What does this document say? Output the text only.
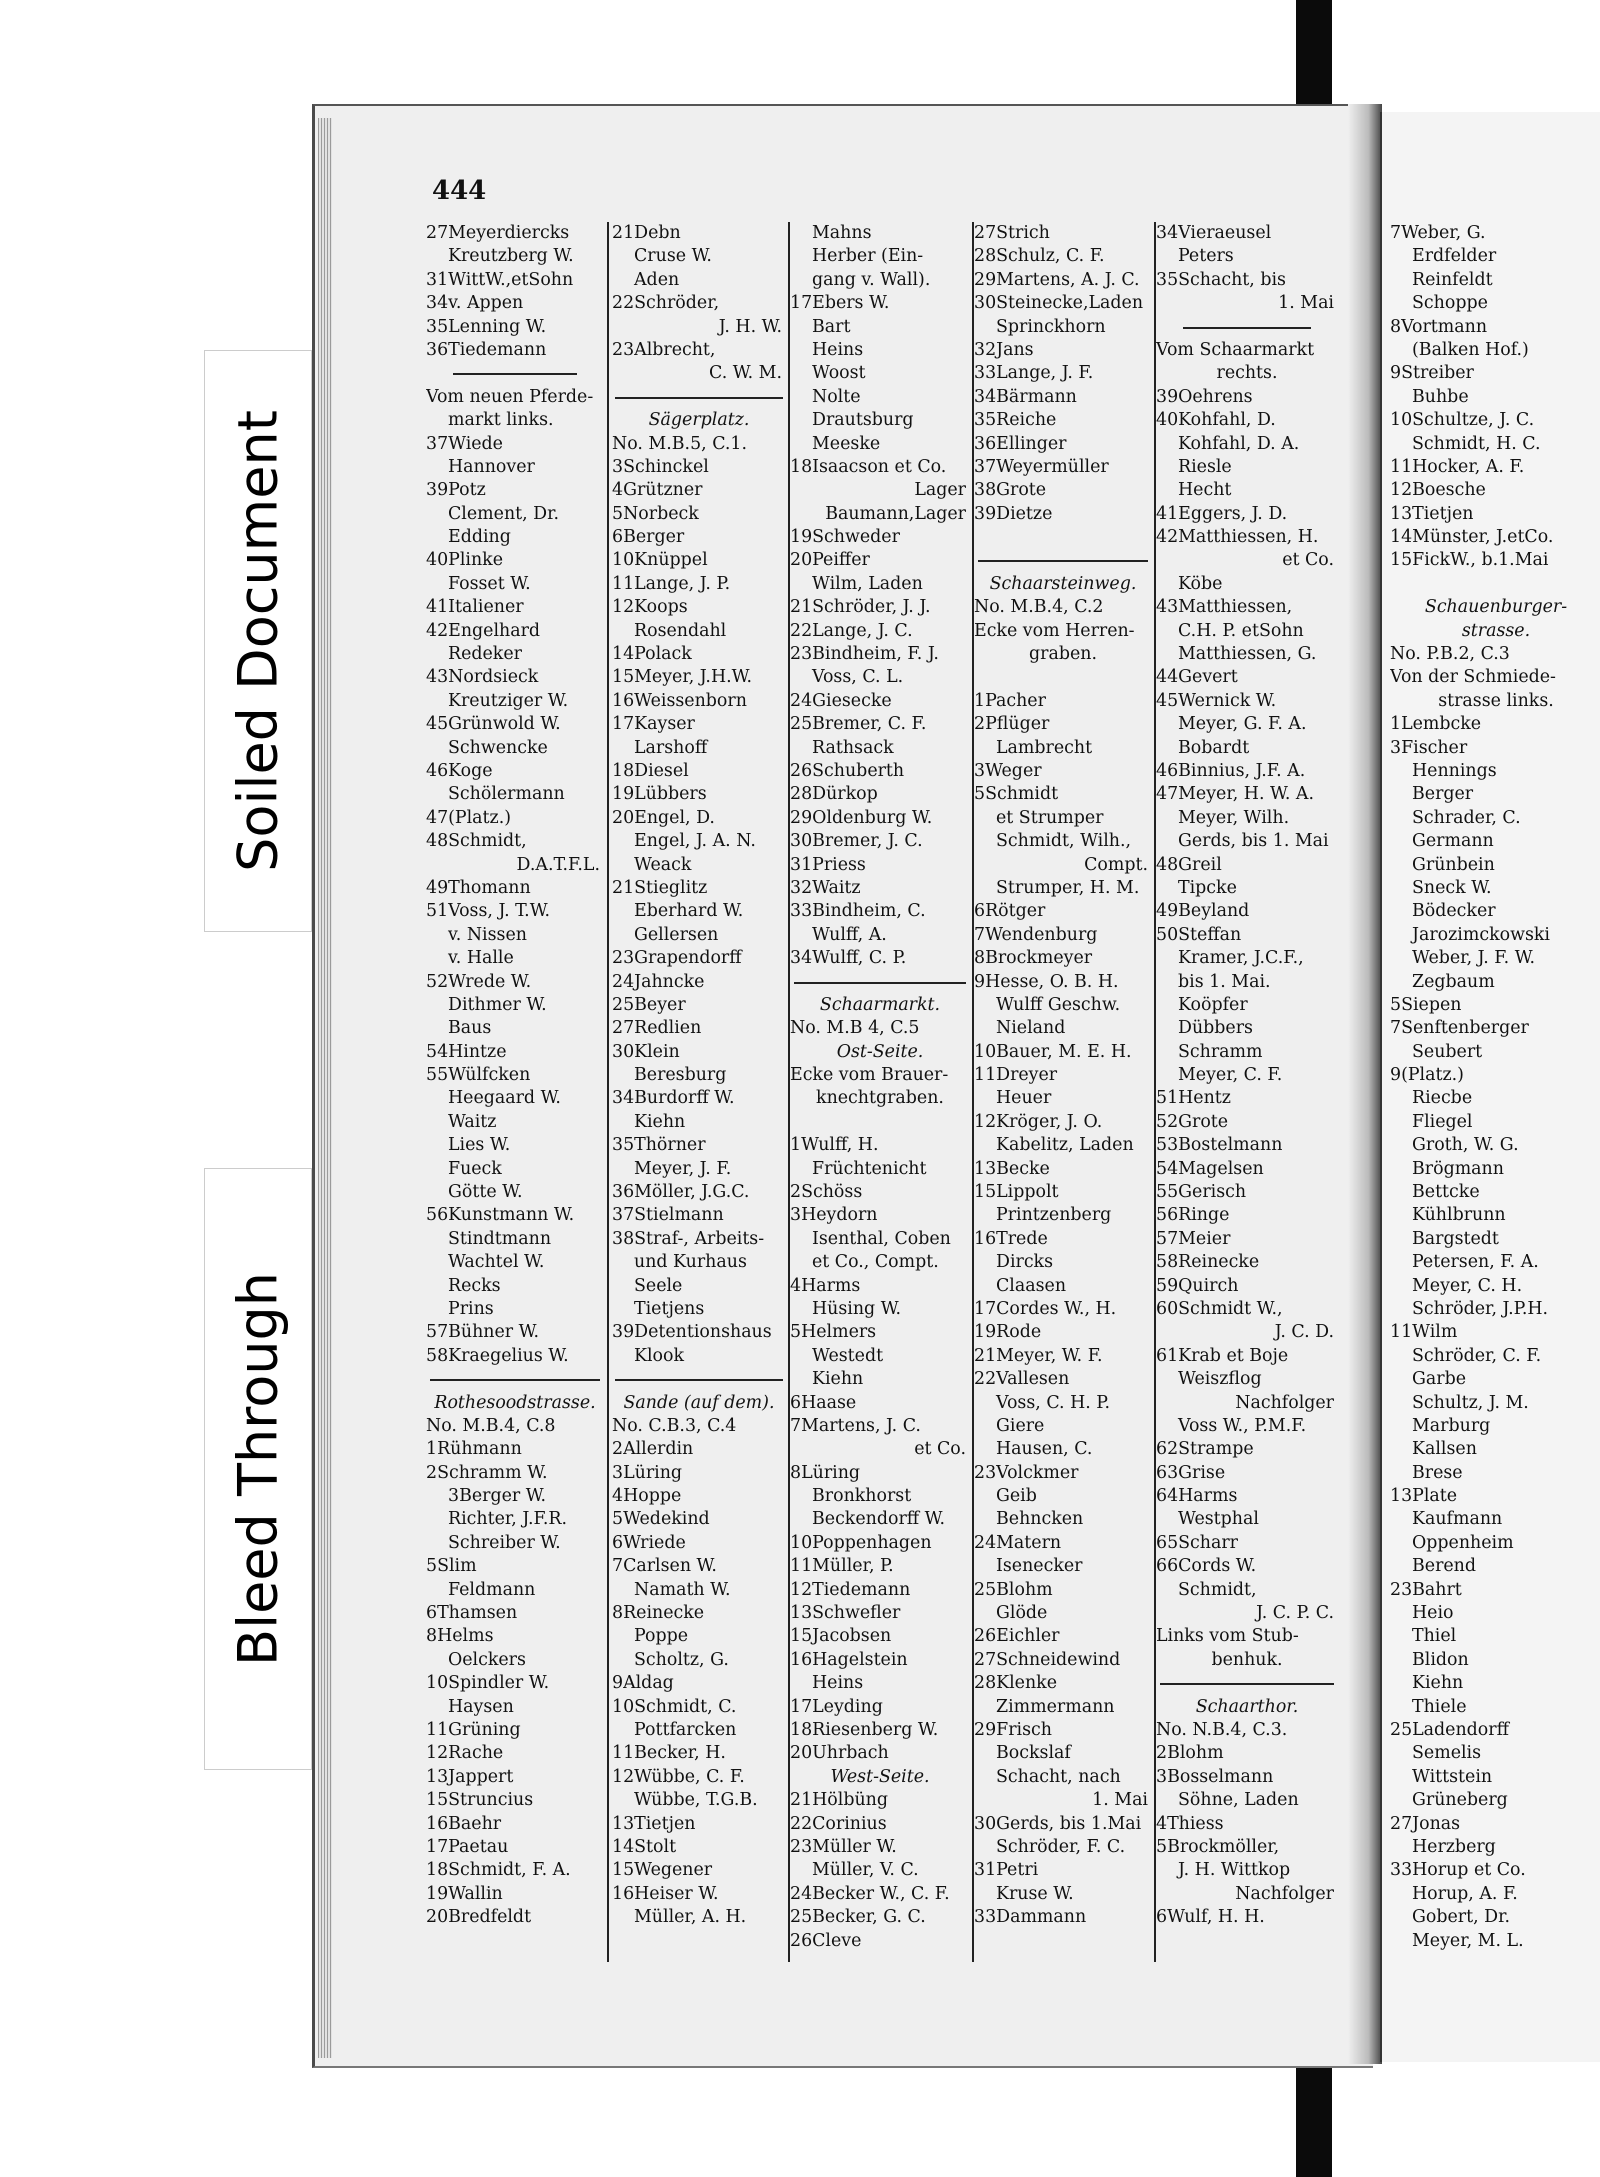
7Weber, G.
Erdfelder
Reinfeldt
Schoppe
8Vortmann
(Balken Hof.)
9Streiber
Buhbe
10Schultze, J. C.
Schmidt, H. C.
11Hocker, A. F.
12Boesche
13Tietjen
14Münster, J.etCo.
15FickW., b.1.Mai
Schauenburger-
strasse.
No. P.B.2, C.3
Von der Schmiede-
strasse links.
1Lembcke
3Fischer
Hennings
Berger
Schrader, C.
Germann
Grünbein
Sneck W.
Bödecker
Jarozimckowski
Weber, J. F. W.
Zegbaum
5Siepen
7Senftenberger
Seubert
9(Platz.)
Riecbe
Fliegel
Groth, W. G.
Brögmann
Bettcke
Kühlbrunn
Bargstedt
Petersen, F. A.
Meyer, C. H.
Schröder, J.P.H.
11Wilm
Schröder, C. F.
Garbe
Schultz, J. M.
Marburg
Kallsen
Brese
13Plate
Kaufmann
Oppenheim
Berend
23Bahrt
Heio
Thiel
Blidon
Kiehn
Thiele
25Ladendorff
Semelis
Wittstein
Grüneberg
27Jonas
Herzberg
33Horup et Co.
Horup, A. F.
Gobert, Dr.
Meyer, M. L.
Soiled Document
Bleed Through
444
27Meyerdiercks
Kreutzberg W.
31WittW.,etSohn
34v. Appen
35Lenning W.
36Tiedemann
Vom neuen Pferde-
markt links.
37Wiede
Hannover
39Potz
Clement, Dr.
Edding
40Plinke
Fosset W.
41Italiener
42Engelhard
Redeker
43Nordsieck
Kreutziger W.
45Grünwold W.
Schwencke
46Koge
Schölermann
47(Platz.)
48Schmidt,
D.A.T.F.L.
49Thomann
51Voss, J. T.W.
v. Nissen
v. Halle
52Wrede W.
Dithmer W.
Baus
54Hintze
55Wülfcken
Heegaard W.
Waitz
Lies W.
Fueck
Götte W.
56Kunstmann W.
Stindtmann
Wachtel W.
Recks
Prins
57Bühner W.
58Kraegelius W.
Rothesoodstrasse.
No. M.B.4, C.8
1Rühmann
2Schramm W.
3Berger W.
Richter, J.F.R.
Schreiber W.
5Slim
Feldmann
6Thamsen
8Helms
Oelckers
10Spindler W.
Haysen
11Grüning
12Rache
13Jappert
15Struncius
16Baehr
17Paetau
18Schmidt, F. A.
19Wallin
20Bredfeldt
21Debn
Cruse W.
Aden
22Schröder,
J. H. W.
23Albrecht,
C. W. M.
Sägerplatz.
No. M.B.5, C.1.
3Schinckel
4Grützner
5Norbeck
6Berger
10Knüppel
11Lange, J. P.
12Koops
Rosendahl
14Polack
15Meyer, J.H.W.
16Weissenborn
17Kayser
Larshoff
18Diesel
19Lübbers
20Engel, D.
Engel, J. A. N.
Weack
21Stieglitz
Eberhard W.
Gellersen
23Grapendorff
24Jahncke
25Beyer
27Redlien
30Klein
Beresburg
34Burdorff W.
Kiehn
35Thörner
Meyer, J. F.
36Möller, J.G.C.
37Stielmann
38Straf-, Arbeits-
und Kurhaus
Seele
Tietjens
39Detentionshaus
Klook
Sande (auf dem).
No. C.B.3, C.4
2Allerdin
3Lüring
4Hoppe
5Wedekind
6Wriede
7Carlsen W.
Namath W.
8Reinecke
Poppe
Scholtz, G.
9Aldag
10Schmidt, C.
Pottfarcken
11Becker, H.
12Wübbe, C. F.
Wübbe, T.G.B.
13Tietjen
14Stolt
15Wegener
16Heiser W.
Müller, A. H.
Mahns
Herber (Ein-
gang v. Wall).
17Ebers W.
Bart
Heins
Woost
Nolte
Drautsburg
Meeske
18Isaacson et Co.
Lager
Baumann,Lager
19Schweder
20Peiffer
Wilm, Laden
21Schröder, J. J.
22Lange, J. C.
23Bindheim, F. J.
Voss, C. L.
24Giesecke
25Bremer, C. F.
Rathsack
26Schuberth
28Dürkop
29Oldenburg W.
30Bremer, J. C.
31Priess
32Waitz
33Bindheim, C.
Wulff, A.
34Wulff, C. P.
Schaarmarkt.
No. M.B 4, C.5
Ost-Seite.
Ecke vom Brauer-
knechtgraben.
1Wulff, H.
Früchtenicht
2Schöss
3Heydorn
Isenthal, Coben
et Co., Compt.
4Harms
Hüsing W.
5Helmers
Westedt
Kiehn
6Haase
7Martens, J. C.
et Co.
8Lüring
Bronkhorst
Beckendorff W.
10Poppenhagen
11Müller, P.
12Tiedemann
13Schwefler
15Jacobsen
16Hagelstein
Heins
17Leyding
18Riesenberg W.
20Uhrbach
West-Seite.
21Hölbüng
22Corinius
23Müller W.
Müller, V. C.
24Becker W., C. F.
25Becker, G. C.
26Cleve
27Strich
28Schulz, C. F.
29Martens, A. J. C.
30Steinecke,Laden
Sprinckhorn
32Jans
33Lange, J. F.
34Bärmann
35Reiche
36Ellinger
37Weyermüller
38Grote
39Dietze
Schaarsteinweg.
No. M.B.4, C.2
Ecke vom Herren-
graben.
1Pacher
2Pflüger
Lambrecht
3Weger
5Schmidt
et Strumper
Schmidt, Wilh.,
Compt.
Strumper, H. M.
6Rötger
7Wendenburg
8Brockmeyer
9Hesse, O. B. H.
Wulff Geschw.
Nieland
10Bauer, M. E. H.
11Dreyer
Heuer
12Kröger, J. O.
Kabelitz, Laden
13Becke
15Lippolt
Printzenberg
16Trede
Dircks
Claasen
17Cordes W., H.
19Rode
21Meyer, W. F.
22Vallesen
Voss, C. H. P.
Giere
Hausen, C.
23Volckmer
Geib
Behncken
24Matern
Isenecker
25Blohm
Glöde
26Eichler
27Schneidewind
28Klenke
Zimmermann
29Frisch
Bockslaf
Schacht, nach
1. Mai
30Gerds, bis 1.Mai
Schröder, F. C.
31Petri
Kruse W.
33Dammann
34Vieraeusel
Peters
35Schacht, bis
1. Mai
Vom Schaarmarkt
rechts.
39Oehrens
40Kohfahl, D.
Kohfahl, D. A.
Riesle
Hecht
41Eggers, J. D.
42Matthiessen, H.
et Co.
Köbe
43Matthiessen,
C.H. P. etSohn
Matthiessen, G.
44Gevert
45Wernick W.
Meyer, G. F. A.
Bobardt
46Binnius, J.F. A.
47Meyer, H. W. A.
Meyer, Wilh.
Gerds, bis 1. Mai
48Greil
Tipcke
49Beyland
50Steffan
Kramer, J.C.F.,
bis 1. Mai.
Koöpfer
Dübbers
Schramm
Meyer, C. F.
51Hentz
52Grote
53Bostelmann
54Magelsen
55Gerisch
56Ringe
57Meier
58Reinecke
59Quirch
60Schmidt W.,
J. C. D.
61Krab et Boje
Weiszflog
Nachfolger
Voss W., P.M.F.
62Strampe
63Grise
64Harms
Westphal
65Scharr
66Cords W.
Schmidt,
J. C. P. C.
Links vom Stub-
benhuk.
Schaarthor.
No. N.B.4, C.3.
2Blohm
3Bosselmann
Söhne, Laden
4Thiess
5Brockmöller,
J. H. Wittkop
Nachfolger
6Wulf, H. H.
